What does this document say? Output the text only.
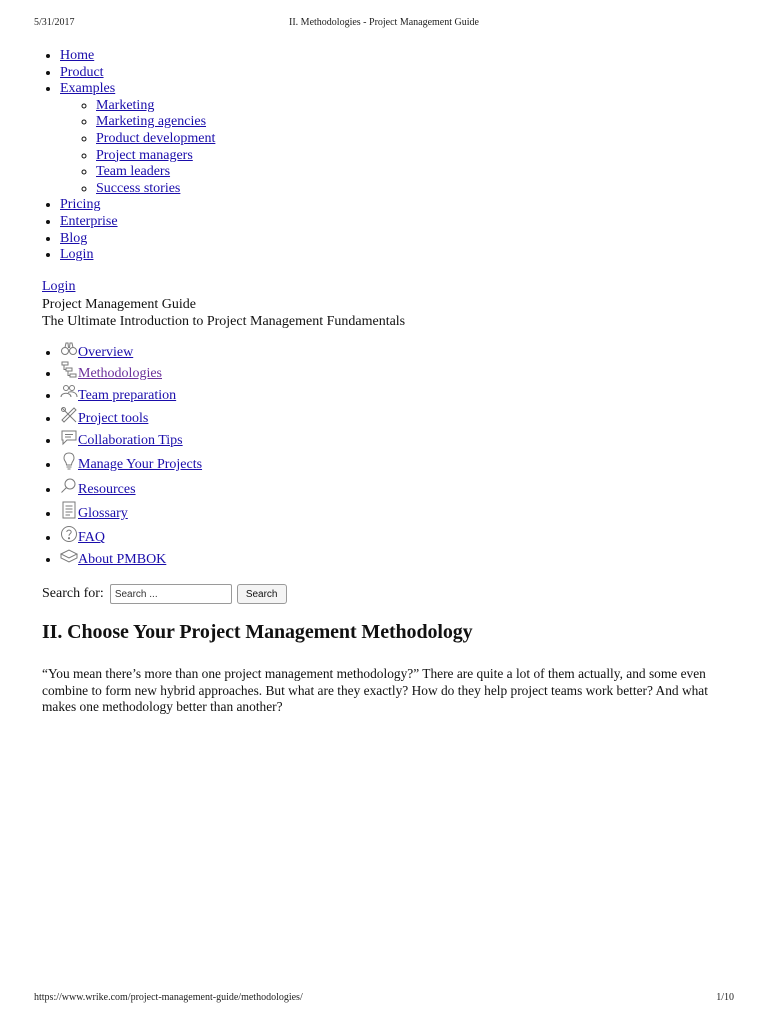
5/31/2017	II. Methodologies - Project Management Guide
• Home
• Product
• Examples
◦ Marketing
◦ Marketing agencies
◦ Product development
◦ Project managers
◦ Team leaders
◦ Success stories
• Pricing
• Enterprise
• Blog
• Login
Login
Project Management Guide
The Ultimate Introduction to Project Management Fundamentals
• Overview
• Methodologies
• Team preparation
• Project tools
• Collaboration Tips
• Manage Your Projects
• Resources
• Glossary
• FAQ
• About PMBOK
Search for:
Search ...	Search
II. Choose Your Project Management Methodology

“You mean there’s more than one project management methodology?” There are quite a lot of them actually, and some even combine to form new hybrid approaches. But what are they exactly? How do they help project teams work better? And what makes one methodology better than another?

https://www.wrike.com/project-management-guide/methodologies/	1/10
